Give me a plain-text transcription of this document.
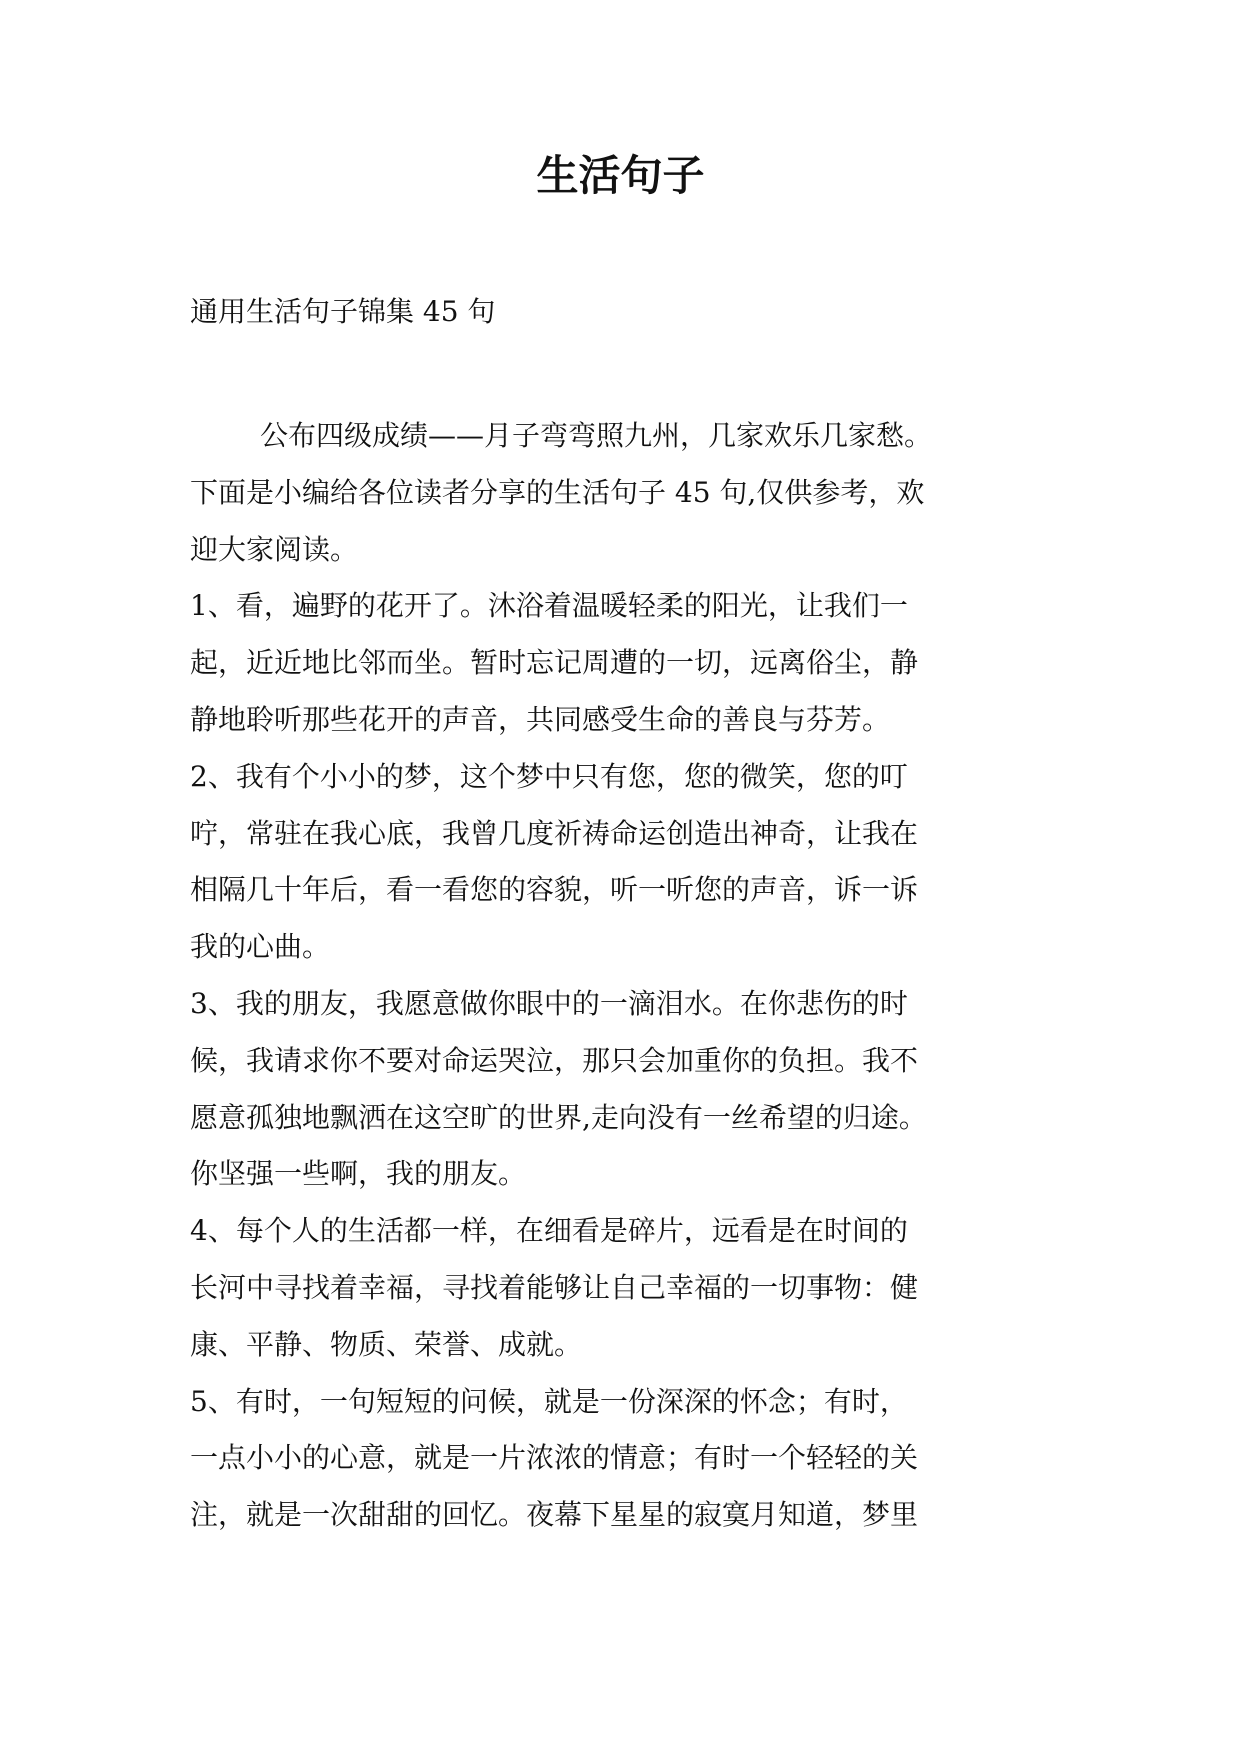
生活句子

通用生活句子锦集 45 句

公布四级成绩——月子弯弯照九州，几家欢乐几家愁。
下面是小编给各位读者分享的生活句子 45 句,仅供参考，欢
迎大家阅读。
1、看，遍野的花开了。沐浴着温暖轻柔的阳光，让我们一
起，近近地比邻而坐。暂时忘记周遭的一切，远离俗尘，静
静地聆听那些花开的声音，共同感受生命的善良与芬芳。
2、我有个小小的梦，这个梦中只有您，您的微笑，您的叮
咛，常驻在我心底，我曾几度祈祷命运创造出神奇，让我在
相隔几十年后，看一看您的容貌，听一听您的声音，诉一诉
我的心曲。
3、我的朋友，我愿意做你眼中的一滴泪水。在你悲伤的时
候，我请求你不要对命运哭泣，那只会加重你的负担。我不
愿意孤独地飘洒在这空旷的世界,走向没有一丝希望的归途。
你坚强一些啊，我的朋友。
4、每个人的生活都一样，在细看是碎片，远看是在时间的
长河中寻找着幸福，寻找着能够让自己幸福的一切事物：健
康、平静、物质、荣誉、成就。
5、有时，一句短短的问候，就是一份深深的怀念；有时，
一点小小的心意，就是一片浓浓的情意；有时一个轻轻的关
注，就是一次甜甜的回忆。夜幕下星星的寂寞月知道，梦里
